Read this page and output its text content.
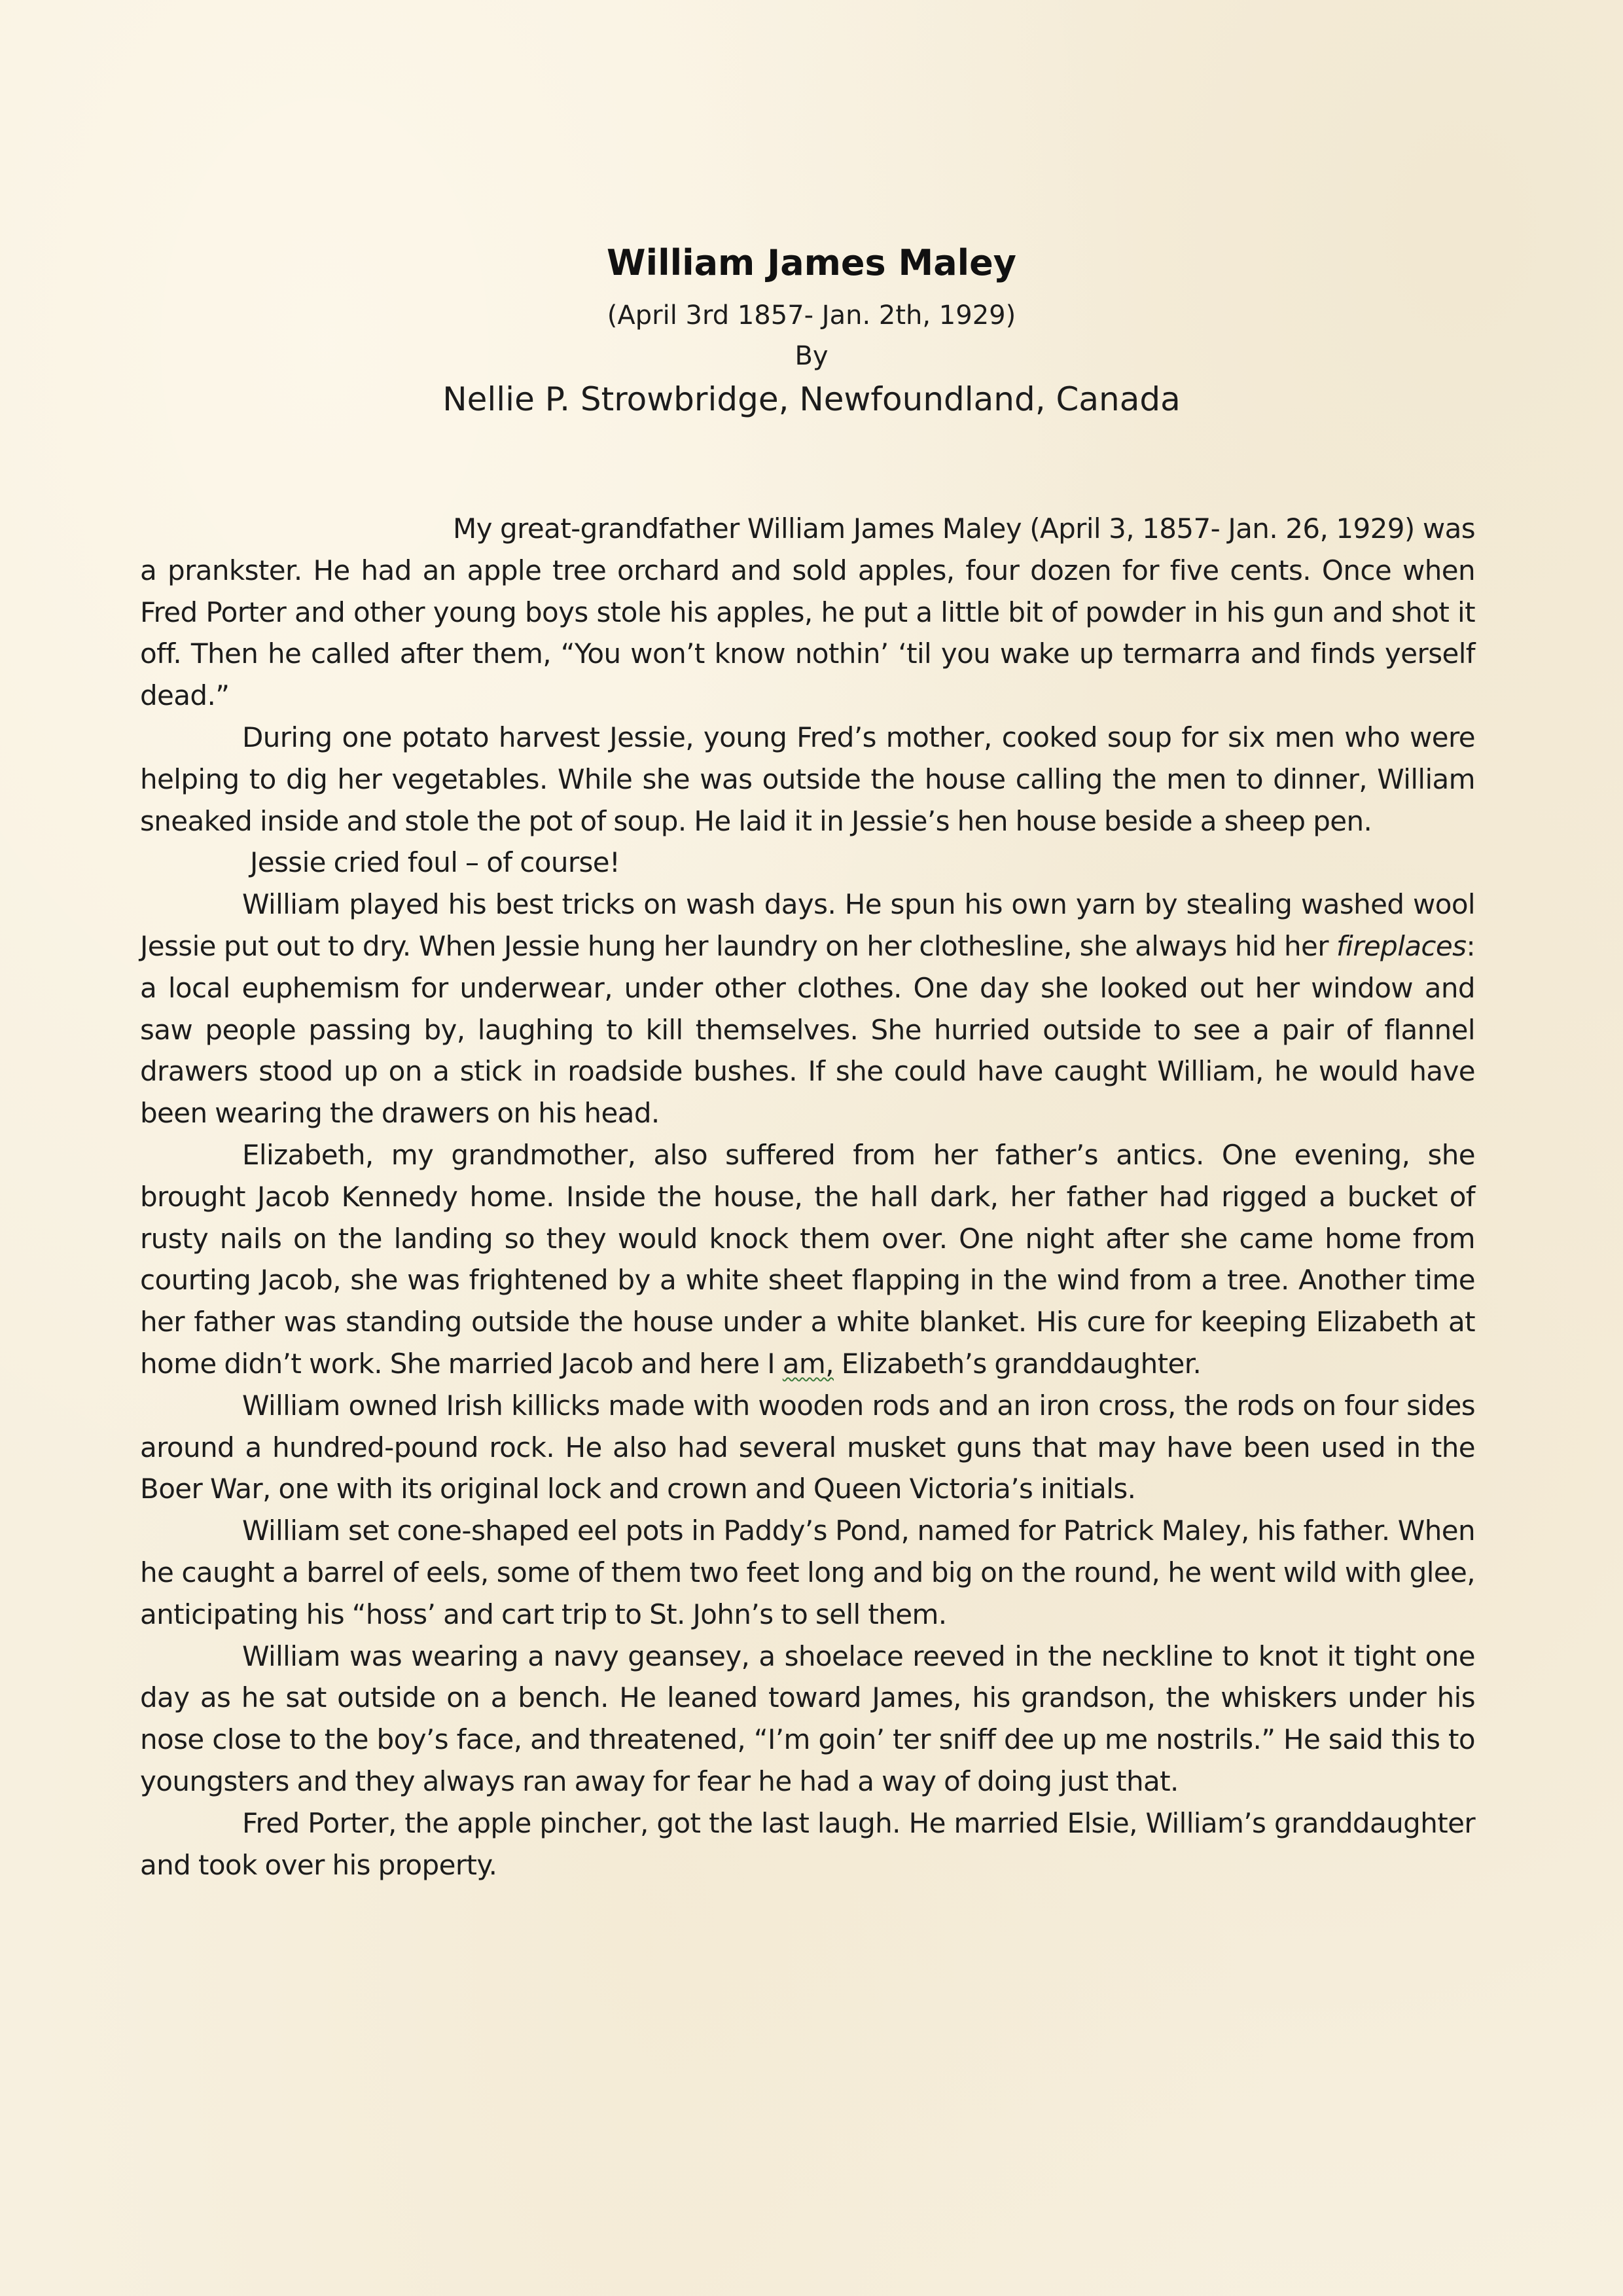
William James Maley
(April 3rd 1857- Jan. 2th, 1929)
By
Nellie P. Strowbridge, Newfoundland, Canada

My great-grandfather William James Maley (April 3, 1857- Jan. 26, 1929) was a prankster. He had an apple tree orchard and sold apples, four dozen for five cents. Once when Fred Porter and other young boys stole his apples, he put a little bit of powder in his gun and shot it off. Then he called after them, “You won’t know nothin’ ‘til you wake up termarra and finds yerself dead.”

During one potato harvest Jessie, young Fred’s mother, cooked soup for six men who were helping to dig her vegetables. While she was outside the house calling the men to dinner, William sneaked inside and stole the pot of soup. He laid it in Jessie’s hen house beside a sheep pen.

Jessie cried foul – of course!

William played his best tricks on wash days. He spun his own yarn by stealing washed wool Jessie put out to dry. When Jessie hung her laundry on her clothesline, she always hid her fireplaces: a local euphemism for underwear, under other clothes. One day she looked out her window and saw people passing by, laughing to kill themselves. She hurried outside to see a pair of flannel drawers stood up on a stick in roadside bushes. If she could have caught William, he would have been wearing the drawers on his head.

Elizabeth, my grandmother, also suffered from her father’s antics. One evening, she brought Jacob Kennedy home. Inside the house, the hall dark, her father had rigged a bucket of rusty nails on the landing so they would knock them over. One night after she came home from courting Jacob, she was frightened by a white sheet flapping in the wind from a tree. Another time her father was standing outside the house under a white blanket. His cure for keeping Elizabeth at home didn’t work. She married Jacob and here I am, Elizabeth’s granddaughter.

William owned Irish killicks made with wooden rods and an iron cross, the rods on four sides around a hundred-pound rock. He also had several musket guns that may have been used in the Boer War, one with its original lock and crown and Queen Victoria’s initials.

William set cone-shaped eel pots in Paddy’s Pond, named for Patrick Maley, his father. When he caught a barrel of eels, some of them two feet long and big on the round, he went wild with glee, anticipating his “hoss’ and cart trip to St. John’s to sell them.

William was wearing a navy geansey, a shoelace reeved in the neckline to knot it tight one day as he sat outside on a bench. He leaned toward James, his grandson, the whiskers under his nose close to the boy’s face, and threatened, “I’m goin’ ter sniff dee up me nostrils.” He said this to youngsters and they always ran away for fear he had a way of doing just that.

Fred Porter, the apple pincher, got the last laugh. He married Elsie, William’s granddaughter and took over his property.
